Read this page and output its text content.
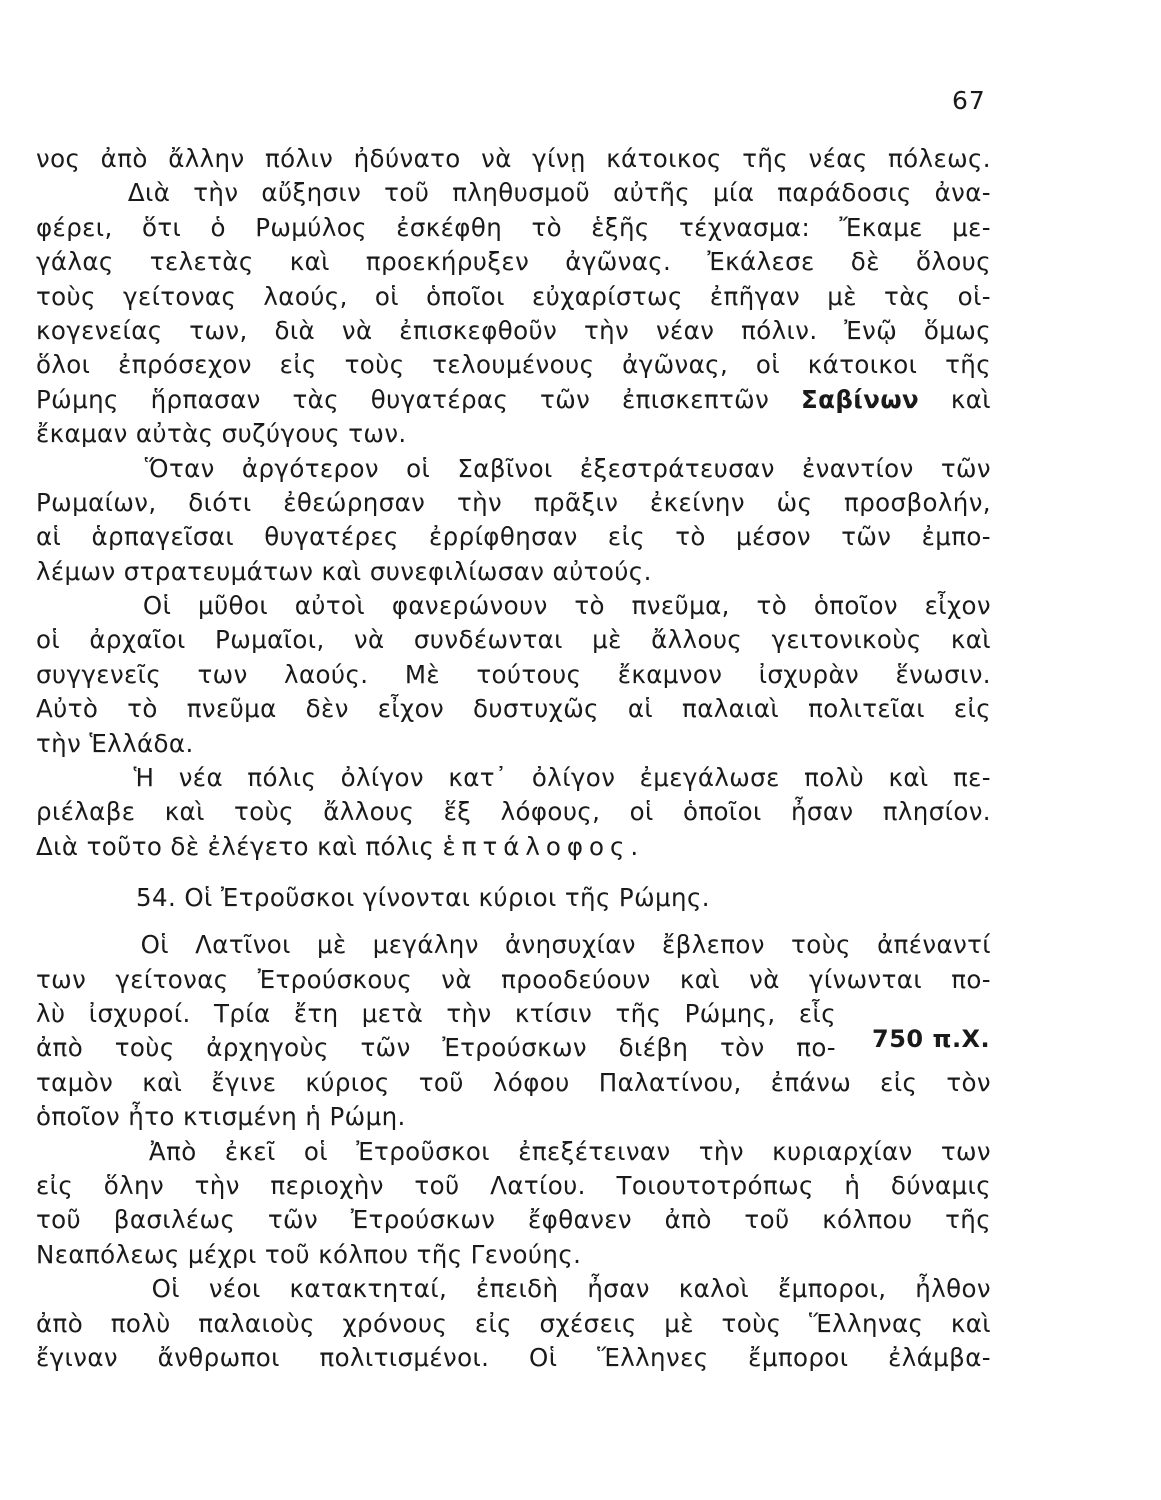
67
νος ἀπὸ ἄλλην πόλιν ἠδύνατο νὰ γίνῃ κάτοικος τῆς νέας πόλεως.
Διὰ τὴν αὔξησιν τοῦ πληθυσμοῦ αὐτῆς μία παράδοσις ἀνα-
φέρει, ὅτι ὁ Ρωμύλος ἐσκέφθη τὸ ἑξῆς τέχνασμα: Ἔκαμε με-
γάλας τελετὰς καὶ προεκήρυξεν ἀγῶνας. Ἐκάλεσε δὲ ὅλους
τοὺς γείτονας λαούς, οἱ ὁποῖοι εὐχαρίστως ἐπῆγαν μὲ τὰς οἱ-
κογενείας των, διὰ νὰ ἐπισκεφθοῦν τὴν νέαν πόλιν. Ἐνῷ ὅμως
ὅλοι ἐπρόσεχον εἰς τοὺς τελουμένους ἀγῶνας, οἱ κάτοικοι τῆς
Ρώμης ἥρπασαν τὰς θυγατέρας τῶν ἐπισκεπτῶν Σαβίνων καὶ
ἔκαμαν αὐτὰς συζύγους των.
Ὅταν ἀργότερον οἱ Σαβῖνοι ἐξεστράτευσαν ἐναντίον τῶν
Ρωμαίων, διότι ἐθεώρησαν τὴν πρᾶξιν ἐκείνην ὡς προσβολήν,
αἱ ἁρπαγεῖσαι θυγατέρες ἐρρίφθησαν εἰς τὸ μέσον τῶν ἐμπο-
λέμων στρατευμάτων καὶ συνεφιλίωσαν αὐτούς.
Οἱ μῦθοι αὐτοὶ φανερώνουν τὸ πνεῦμα, τὸ ὁποῖον εἶχον
οἱ ἀρχαῖοι Ρωμαῖοι, νὰ συνδέωνται μὲ ἄλλους γειτονικοὺς καὶ
συγγενεῖς των λαούς. Μὲ τούτους ἔκαμνον ἰσχυρὰν ἕνωσιν.
Αὐτὸ τὸ πνεῦμα δὲν εἶχον δυστυχῶς αἱ παλαιαὶ πολιτεῖαι εἰς
τὴν Ἑλλάδα.
Ἡ νέα πόλις ὀλίγον κατ᾽ ὀλίγον ἐμεγάλωσε πολὺ καὶ πε-
ριέλαβε καὶ τοὺς ἄλλους ἕξ λόφους, οἱ ὁποῖοι ἦσαν πλησίον.
Διὰ τοῦτο δὲ ἐλέγετο καὶ πόλις ἑπτάλοφος.
54. Οἱ Ἐτροῦσκοι γίνονται κύριοι τῆς Ρώμης.
Οἱ Λατῖνοι μὲ μεγάλην ἀνησυχίαν ἔβλεπον τοὺς ἀπέναντί
των γείτονας Ἐτρούσκους νὰ προοδεύουν καὶ νὰ γίνωνται πο-
λὺ ἰσχυροί. Τρία ἔτη μετὰ τὴν κτίσιν τῆς Ρώμης, εἷς
ἀπὸ τοὺς ἀρχηγοὺς τῶν Ἐτρούσκων διέβη τὸν πο-
ταμὸν καὶ ἔγινε κύριος τοῦ λόφου Παλατίνου, ἐπάνω εἰς τὸν
ὁποῖον ἦτο κτισμένη ἡ Ρώμη.
Ἀπὸ ἐκεῖ οἱ Ἐτροῦσκοι ἐπεξέτειναν τὴν κυριαρχίαν των
εἰς ὅλην τὴν περιοχὴν τοῦ Λατίου. Τοιουτοτρόπως ἡ δύναμις
τοῦ βασιλέως τῶν Ἐτρούσκων ἔφθανεν ἀπὸ τοῦ κόλπου τῆς
Νεαπόλεως μέχρι τοῦ κόλπου τῆς Γενούης.
Οἱ νέοι κατακτηταί, ἐπειδὴ ἦσαν καλοὶ ἔμποροι, ἦλθον
ἀπὸ πολὺ παλαιοὺς χρόνους εἰς σχέσεις μὲ τοὺς Ἕλληνας καὶ
ἔγιναν ἄνθρωποι πολιτισμένοι. Οἱ Ἕλληνες ἔμποροι ἐλάμβα-
750 π.Χ.
